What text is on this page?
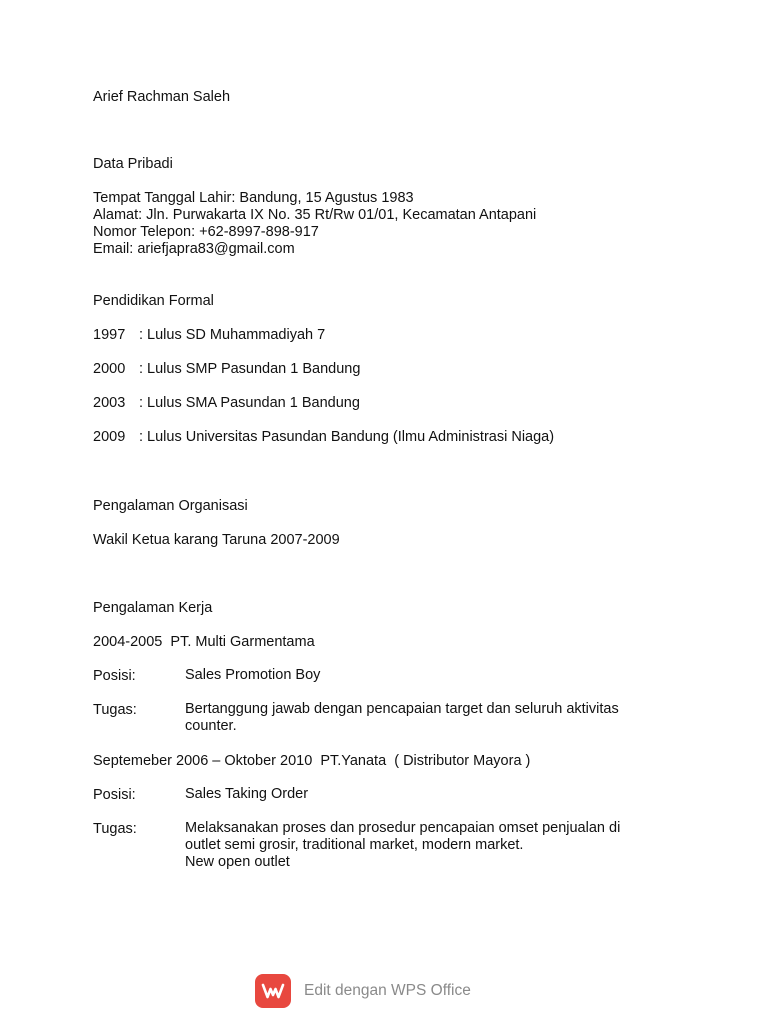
Arief Rachman Saleh
Data Pribadi
Tempat Tanggal Lahir: Bandung, 15 Agustus 1983
Alamat: Jln. Purwakarta IX No. 35 Rt/Rw 01/01, Kecamatan Antapani
Nomor Telepon: +62-8997-898-917
Email: ariefjapra83@gmail.com
Pendidikan Formal
1997 : Lulus SD Muhammadiyah 7
2000 : Lulus SMP Pasundan 1 Bandung
2003 : Lulus SMA Pasundan 1 Bandung
2009 : Lulus Universitas Pasundan Bandung (Ilmu Administrasi Niaga)
Pengalaman Organisasi
Wakil Ketua karang Taruna 2007-2009
Pengalaman Kerja
2004-2005  PT. Multi Garmentama
Posisi:	Sales Promotion Boy
Tugas:	Bertanggung jawab dengan pencapaian target dan seluruh aktivitas
counter.
Septemeber 2006 – Oktober 2010  PT.Yanata  ( Distributor Mayora )
Posisi:	Sales Taking Order
Tugas:	Melaksanakan proses dan prosedur pencapaian omset penjualan di
outlet semi grosir, traditional market, modern market.
New open outlet
Edit dengan WPS Office
